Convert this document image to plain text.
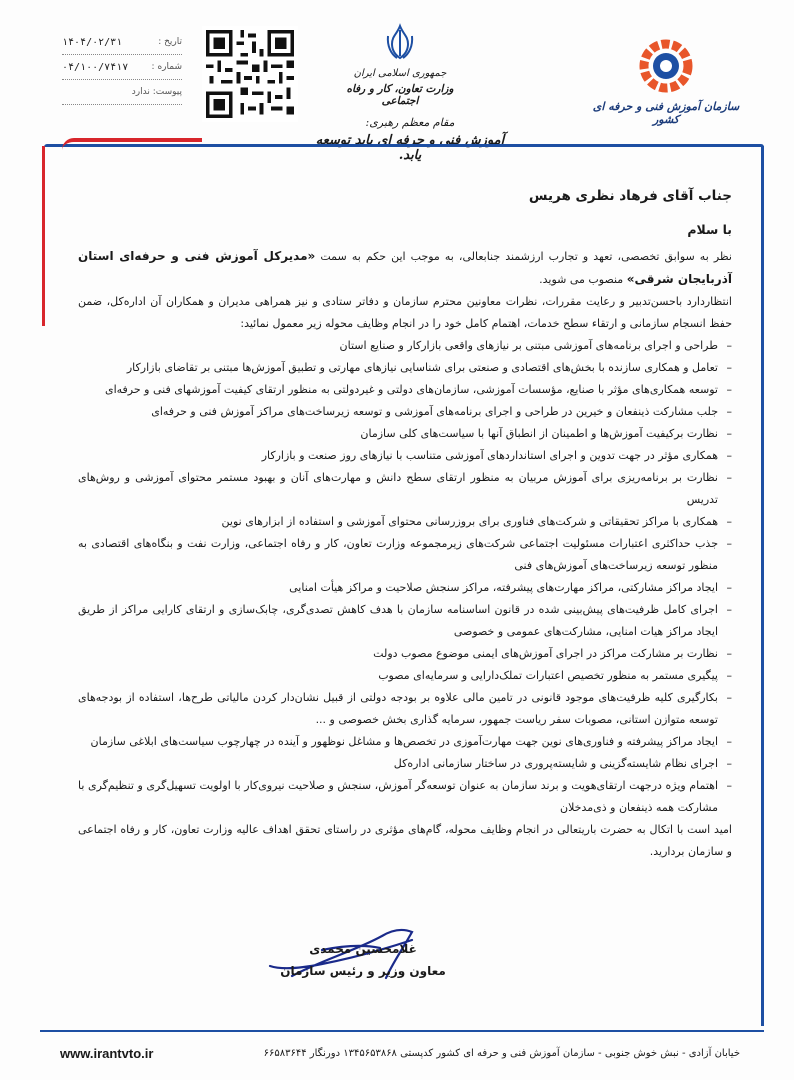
تاریخ :
۱۴۰۴/۰۲/۳۱
شماره :
۰۴/۱۰۰/۷۴۱۷
پیوست: ندارد
جمهوری اسلامی ایران
وزارت تعاون، کار و رفاه اجتماعی	سازمان آموزش فنی و حرفه ای کشور
مقام معظم رهبری:
آموزش فنی و حرفه ای باید توسعه یابد.
جناب آقای فرهاد نظری هریس
با سلام

نظر به سوابق تخصصی، تعهد و تجارب ارزشمند جنابعالی، به موجب این حکم به سمت «مدیرکل آموزش فنی و حرفه‌ای استان آذربایجان شرقی» منصوب می شوید.

انتظاردارد باحسن‌تدبیر و رعایت مقررات، نظرات معاونین محترم سازمان و دفاتر ستادی و نیز همراهی مدیران و همکاران آن اداره‌کل، ضمن حفظ انسجام سازمانی و ارتقاء سطح خدمات، اهتمام کامل خود را در انجام وظایف محوله زیر معمول نمائید:

– طراحی و اجرای برنامه‌های آموزشی مبتنی بر نیازهای واقعی بازارکار و صنایع استان
– تعامل و همکاری سازنده با بخش‌های اقتصادی و صنعتی برای شناسایی نیازهای مهارتی و تطبیق آموزش‌ها مبتنی بر تقاضای بازارکار
– توسعه همکاری‌های مؤثر با صنایع، مؤسسات آموزشی، سازمان‌های دولتی و غیردولتی به منظور ارتقای کیفیت آموزشهای فنی و حرفه‌ای
– جلب مشارکت ذینفعان و خیرین در طراحی و اجرای برنامه‌های آموزشی و توسعه زیرساخت‌های مراکز آموزش فنی و حرفه‌ای
– نظارت برکیفیت آموزش‌ها و اطمینان از انطباق آنها با سیاست‌های کلی سازمان
– همکاری مؤثر در جهت تدوین و اجرای استانداردهای آموزشی متناسب با نیازهای روز صنعت و بازارکار
– نظارت بر برنامه‌ریزی برای آموزش مربیان به منظور ارتقای سطح دانش و مهارت‌های آنان و بهبود مستمر محتوای آموزشی و روش‌های تدریس
– همکاری با مراکز تحقیقاتی و شرکت‌های فناوری برای بروزرسانی محتوای آموزشی و استفاده از ابزارهای نوین
– جذب حداکثری اعتبارات مسئولیت اجتماعی شرکت‌های زیرمجموعه وزارت تعاون، کار و رفاه اجتماعی، وزارت نفت و بنگاه‌های اقتصادی به منظور توسعه زیرساخت‌های آموزش‌های فنی
– ایجاد مراکز مشارکتی، مراکز مهارت‌های پیشرفته، مراکز سنجش صلاحیت و مراکز هیأت امنایی
– اجرای کامل ظرفیت‌های پیش‌بینی شده در قانون اساسنامه سازمان با هدف کاهش تصدی‌گری، چابک‌سازی و ارتقای کارایی مراکز از طریق ایجاد مراکز هیات امنایی، مشارکت‌های عمومی و خصوصی
– نظارت بر مشارکت مراکز در اجرای آموزش‌های ایمنی موضوع مصوب دولت
– پیگیری مستمر به منظور تخصیص اعتبارات تملک‌دارایی و سرمایه‌ای مصوب
– بکارگیری کلیه ظرفیت‌های موجود قانونی در تامین مالی علاوه بر بودجه دولتی از قبیل نشان‌دار کردن مالیاتی طرح‌ها، استفاده از بودجه‌های توسعه متوازن استانی، مصوبات سفر ریاست جمهور، سرمایه گذاری بخش خصوصی و ...
– ایجاد مراکز پیشرفته و فناوری‌های نوین جهت مهارت‌آموزی در تخصص‌ها و مشاغل نوظهور و آینده در چهارچوب سیاست‌های ابلاغی سازمان
– اجرای نظام شایسته‌گزینی و شایسته‌پروری در ساختار سازمانی اداره‌کل
– اهتمام ویژه درجهت ارتقای‌هویت و برند سازمان به عنوان توسعه‌گر آموزش، سنجش و صلاحیت نیروی‌کار با اولویت تسهیل‌گری و تنظیم‌گری با مشارکت همه ذینفعان و ذی‌مدخلان

امید است با اتکال به حضرت باریتعالی در انجام وظایف محوله، گام‌های مؤثری در راستای تحقق اهداف عالیه وزارت تعاون، کار و رفاه اجتماعی و سازمان بردارید.

غلامحسین محمدی
معاون وزیر و رئیس سازمان
www.irantvto.ir	خیابان آزادی - نبش خوش جنوبی - سازمان آموزش فنی و حرفه ای کشور کدپستی ۱۳۴۵۶۵۳۸۶۸ دورنگار ۶۶۵۸۳۶۴۴
